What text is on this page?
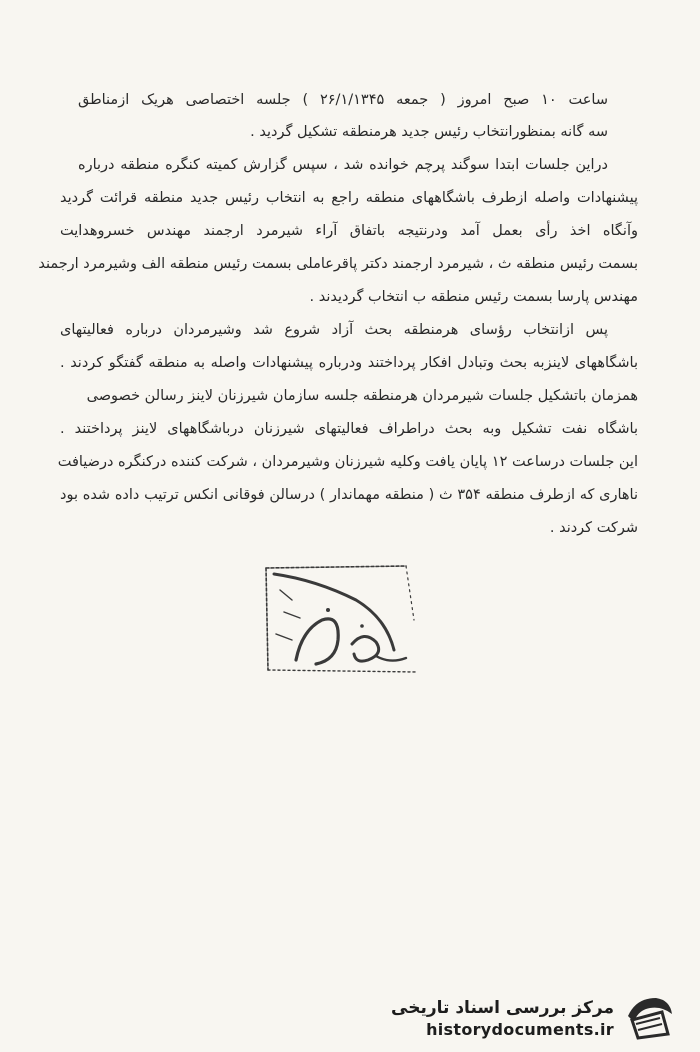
ساعت ۱۰ صبح امروز ( جمعه ۲۶/۱/۱۳۴۵ ) جلسه اختصاصی هریک ازمناطق
سه گانه بمنظورانتخاب رئیس جدید هرمنطقه تشکیل گردید .
دراین جلسات ابتدا سوگند پرچم خوانده شد ، سپس گزارش کمیته کنگره منطقه درباره
پیشنهادات واصله ازطرف باشگاههای منطقه راجع به انتخاب رئیس جدید منطقه قرائت گردید
وآنگاه اخذ رأی بعمل آمد ودرنتیجه باتفاق آراء شیرمرد ارجمند مهندس خسروهدایت
بسمت رئیس منطقه ث ، شیرمرد ارجمند دکتر پاقرعاملی بسمت رئیس منطقه الف وشیرمرد ارجمند
مهندس پارسا بسمت رئیس منطقه ب انتخاب گردیدند .
پس ازانتخاب رؤسای هرمنطقه بحث آزاد شروع شد وشیرمردان درباره فعالیتهای
باشگاههای لاینزبه بحث وتبادل افکار پرداختند ودرباره پیشنهادات واصله به منطقه گفتگو کردند .
همزمان باتشکیل جلسات شیرمردان هرمنطقه جلسه سازمان شیرزنان لاینز رسالن خصوصی
باشگاه نفت تشکیل وبه بحث دراطراف فعالیتهای شیرزنان درباشگاههای لاینز پرداختند .
این جلسات درساعت ۱۲ پایان یافت وکلیه شیرزنان وشیرمردان ، شرکت کننده درکنگره درضیافت
ناهاری که ازطرف منطقه ۳۵۴ ث ( منطقه مهماندار ) درسالن فوقانی انکس ترتیب داده شده بود
شرکت کردند .
مرکز بررسی اسناد تاریخی
historydocuments.ir
